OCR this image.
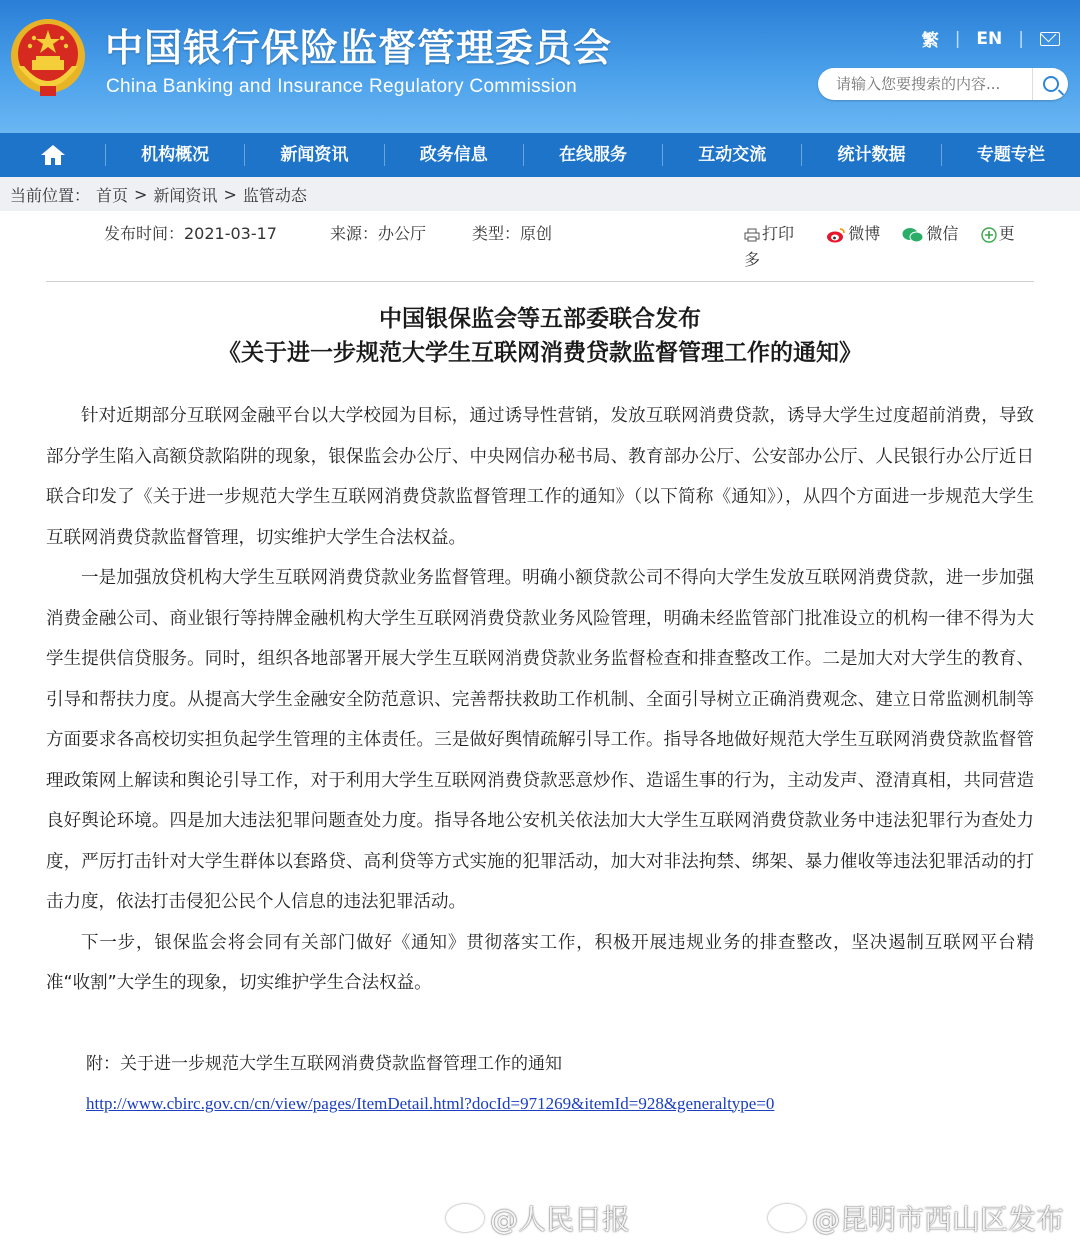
中国银行保险监督管理委员会
China Banking and Insurance Regulatory Commission
繁 | EN |
请输入您要搜索的内容...
机构概况	新闻资讯	政务信息	在线服务	互动交流	统计数据	专题专栏
当前位置： 首页 > 新闻资讯 > 监管动态
发布时间：2021-03-17	来源：办公厅	类型：原创	打印	微博	微信	更多
中国银保监会等五部委联合发布
《关于进一步规范大学生互联网消费贷款监督管理工作的通知》

针对近期部分互联网金融平台以大学校园为目标，通过诱导性营销，发放互联网消费贷款，诱导大学生过度超前消费，导致部分学生陷入高额贷款陷阱的现象，银保监会办公厅、中央网信办秘书局、教育部办公厅、公安部办公厅、人民银行办公厅近日联合印发了《关于进一步规范大学生互联网消费贷款监督管理工作的通知》（以下简称《通知》），从四个方面进一步规范大学生互联网消费贷款监督管理，切实维护大学生合法权益。

一是加强放贷机构大学生互联网消费贷款业务监督管理。明确小额贷款公司不得向大学生发放互联网消费贷款，进一步加强消费金融公司、商业银行等持牌金融机构大学生互联网消费贷款业务风险管理，明确未经监管部门批准设立的机构一律不得为大学生提供信贷服务。同时，组织各地部署开展大学生互联网消费贷款业务监督检查和排查整改工作。二是加大对大学生的教育、引导和帮扶力度。从提高大学生金融安全防范意识、完善帮扶救助工作机制、全面引导树立正确消费观念、建立日常监测机制等方面要求各高校切实担负起学生管理的主体责任。三是做好舆情疏解引导工作。指导各地做好规范大学生互联网消费贷款监督管理政策网上解读和舆论引导工作，对于利用大学生互联网消费贷款恶意炒作、造谣生事的行为，主动发声、澄清真相，共同营造良好舆论环境。四是加大违法犯罪问题查处力度。指导各地公安机关依法加大大学生互联网消费贷款业务中违法犯罪行为查处力度，严厉打击针对大学生群体以套路贷、高利贷等方式实施的犯罪活动，加大对非法拘禁、绑架、暴力催收等违法犯罪活动的打击力度，依法打击侵犯公民个人信息的违法犯罪活动。

下一步，银保监会将会同有关部门做好《通知》贯彻落实工作，积极开展违规业务的排查整改，坚决遏制互联网平台精准“收割”大学生的现象，切实维护学生合法权益。

附：关于进一步规范大学生互联网消费贷款监督管理工作的通知
http://www.cbirc.gov.cn/cn/view/pages/ItemDetail.html?docId=971269&itemId=928&generaltype=0
@人民日报	@昆明市西山区发布
